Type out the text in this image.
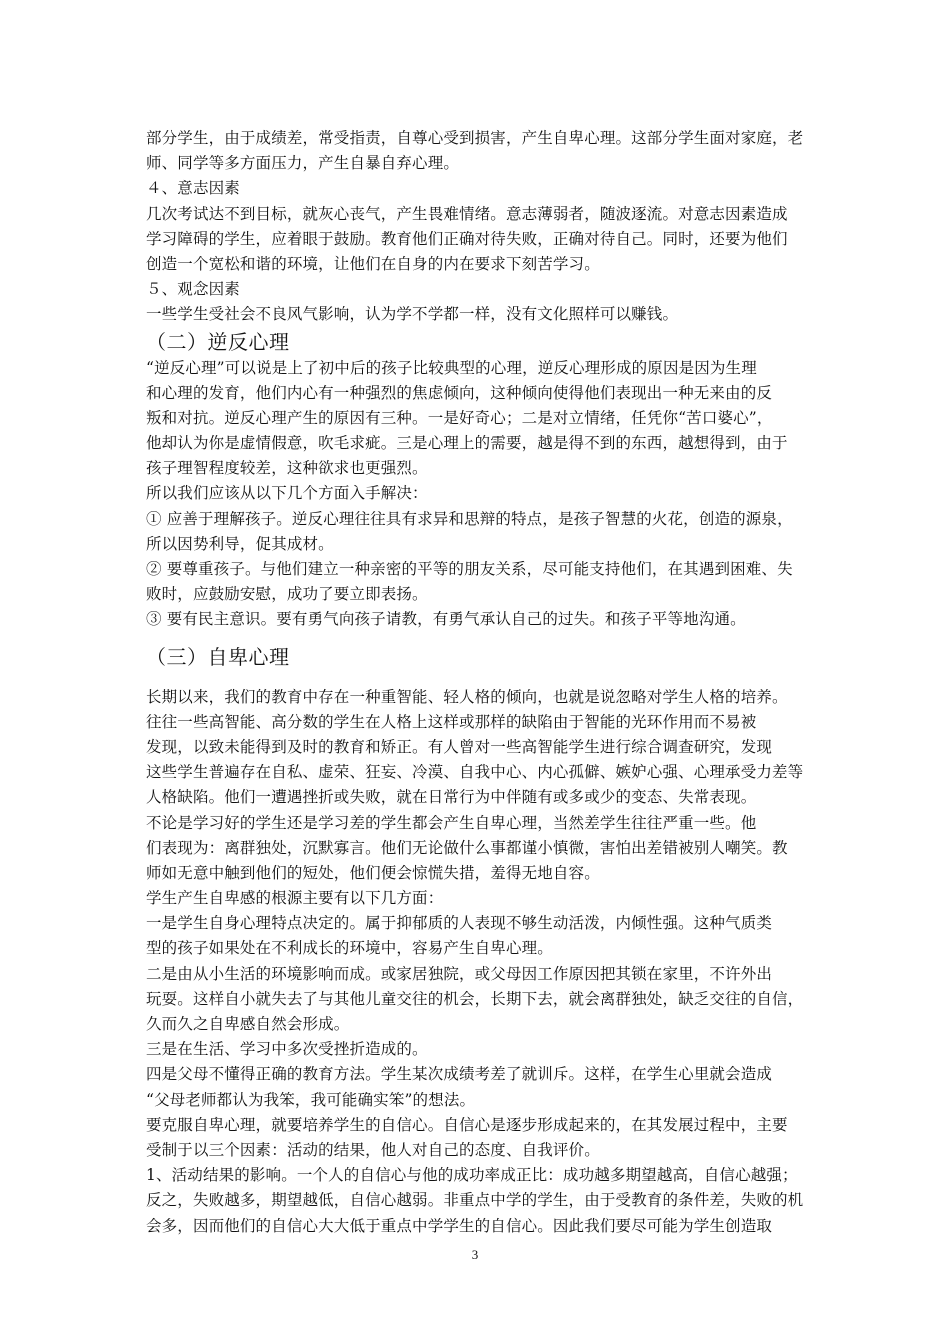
部分学生，由于成绩差，常受指责，自尊心受到损害，产生自卑心理。这部分学生面对家庭，老
师、同学等多方面压力，产生自暴自弃心理。
４、意志因素
几次考试达不到目标，就灰心丧气，产生畏难情绪。意志薄弱者，随波逐流。对意志因素造成
学习障碍的学生，应着眼于鼓励。教育他们正确对待失败，正确对待自己。同时，还要为他们
创造一个宽松和谐的环境，让他们在自身的内在要求下刻苦学习。
５、观念因素
一些学生受社会不良风气影响，认为学不学都一样，没有文化照样可以赚钱。
（二）逆反心理
“逆反心理”可以说是上了初中后的孩子比较典型的心理，逆反心理形成的原因是因为生理
和心理的发育，他们内心有一种强烈的焦虑倾向，这种倾向使得他们表现出一种无来由的反
叛和对抗。逆反心理产生的原因有三种。一是好奇心；二是对立情绪，任凭你“苦口婆心”，
他却认为你是虚情假意，吹毛求疵。三是心理上的需要，越是得不到的东西，越想得到，由于
孩子理智程度较差，这种欲求也更强烈。
所以我们应该从以下几个方面入手解决：
① 应善于理解孩子。逆反心理往往具有求异和思辩的特点，是孩子智慧的火花，创造的源泉，
所以因势利导，促其成材。
② 要尊重孩子。与他们建立一种亲密的平等的朋友关系，尽可能支持他们，在其遇到困难、失
败时，应鼓励安慰，成功了要立即表扬。
③ 要有民主意识。要有勇气向孩子请教，有勇气承认自己的过失。和孩子平等地沟通。
（三）自卑心理
长期以来，我们的教育中存在一种重智能、轻人格的倾向，也就是说忽略对学生人格的培养。
往往一些高智能、高分数的学生在人格上这样或那样的缺陷由于智能的光环作用而不易被
发现，以致未能得到及时的教育和矫正。有人曾对一些高智能学生进行综合调查研究，发现
这些学生普遍存在自私、虚荣、狂妄、冷漠、自我中心、内心孤僻、嫉妒心强、心理承受力差等
人格缺陷。他们一遭遇挫折或失败，就在日常行为中伴随有或多或少的变态、失常表现。
不论是学习好的学生还是学习差的学生都会产生自卑心理，当然差学生往往严重一些。他
们表现为：离群独处，沉默寡言。他们无论做什么事都谨小慎微，害怕出差错被别人嘲笑。教
师如无意中触到他们的短处，他们便会惊慌失措，羞得无地自容。
学生产生自卑感的根源主要有以下几方面：
一是学生自身心理特点决定的。属于抑郁质的人表现不够生动活泼，内倾性强。这种气质类
型的孩子如果处在不利成长的环境中，容易产生自卑心理。
二是由从小生活的环境影响而成。或家居独院，或父母因工作原因把其锁在家里，不许外出
玩耍。这样自小就失去了与其他儿童交往的机会，长期下去，就会离群独处，缺乏交往的自信，
久而久之自卑感自然会形成。
三是在生活、学习中多次受挫折造成的。
四是父母不懂得正确的教育方法。学生某次成绩考差了就训斥。这样，在学生心里就会造成
“父母老师都认为我笨，我可能确实笨”的想法。
要克服自卑心理，就要培养学生的自信心。自信心是逐步形成起来的，在其发展过程中，主要
受制于以三个因素：活动的结果，他人对自己的态度、自我评价。
1、活动结果的影响。一个人的自信心与他的成功率成正比：成功越多期望越高，自信心越强；
反之，失败越多，期望越低，自信心越弱。非重点中学的学生，由于受教育的条件差，失败的机
会多，因而他们的自信心大大低于重点中学学生的自信心。因此我们要尽可能为学生创造取
3
